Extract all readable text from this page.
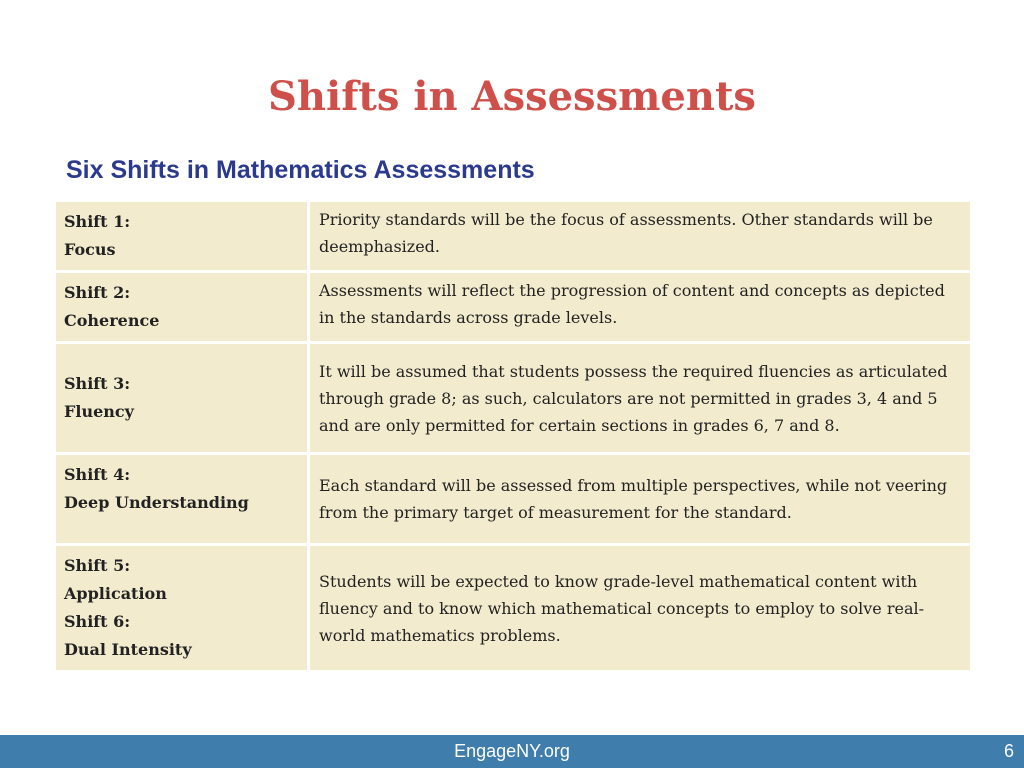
Shifts in Assessments
Six Shifts in Mathematics Assessments
Shift 1:
Focus	Priority standards will be the focus of assessments. Other standards will be deemphasized.

Shift 2:
Coherence	Assessments will reflect the progression of content and concepts as depicted in the standards across grade levels.

Shift 3:
Fluency	It will be assumed that students possess the required fluencies as articulated through grade 8; as such, calculators are not permitted in grades 3, 4 and 5 and are only permitted for certain sections in grades 6, 7 and 8.

Shift 4:
Deep Understanding	Each standard will be assessed from multiple perspectives, while not veering from the primary target of measurement for the standard.

Shift 5:
Application
Shift 6:
Dual Intensity	Students will be expected to know grade-level mathematical content with fluency and to know which mathematical concepts to employ to solve real-world mathematics problems.
EngageNY.org	6
